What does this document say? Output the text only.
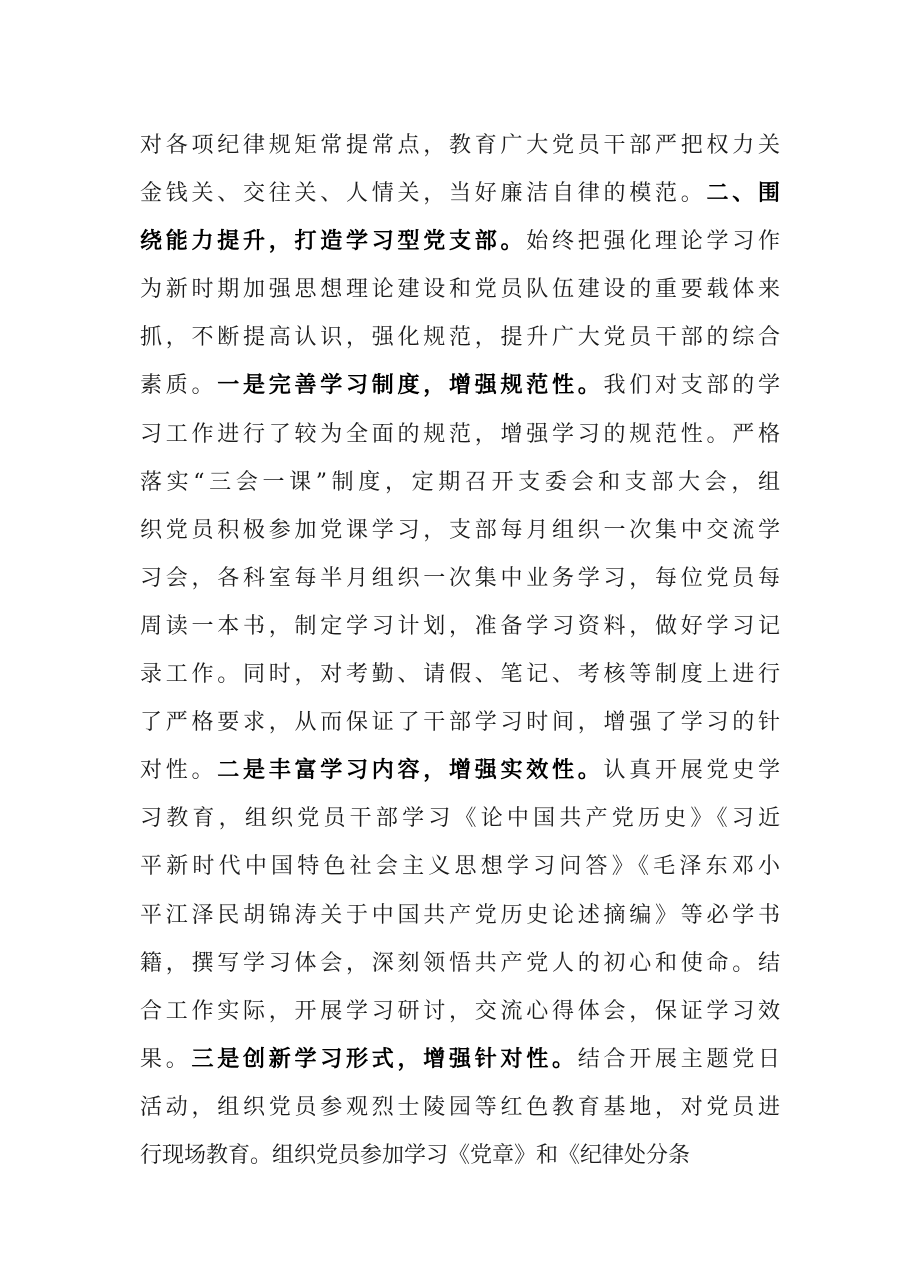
对各项纪律规矩常提常点，教育广大党员干部严把权力关
金钱关、交往关、人情关，当好廉洁自律的模范。二、围
绕能力提升，打造学习型党支部。始终把强化理论学习作
为新时期加强思想理论建设和党员队伍建设的重要载体来
抓，不断提高认识，强化规范，提升广大党员干部的综合
素质。一是完善学习制度，增强规范性。我们对支部的学
习工作进行了较为全面的规范，增强学习的规范性。严格
落实“三会一课”制度，定期召开支委会和支部大会，组
织党员积极参加党课学习，支部每月组织一次集中交流学
习会，各科室每半月组织一次集中业务学习，每位党员每
周读一本书，制定学习计划，准备学习资料，做好学习记
录工作。同时，对考勤、请假、笔记、考核等制度上进行
了严格要求，从而保证了干部学习时间，增强了学习的针
对性。二是丰富学习内容，增强实效性。认真开展党史学
习教育，组织党员干部学习《论中国共产党历史》《习近
平新时代中国特色社会主义思想学习问答》《毛泽东邓小
平江泽民胡锦涛关于中国共产党历史论述摘编》等必学书
籍，撰写学习体会，深刻领悟共产党人的初心和使命。结
合工作实际，开展学习研讨，交流心得体会，保证学习效
果。三是创新学习形式，增强针对性。结合开展主题党日
活动，组织党员参观烈士陵园等红色教育基地，对党员进
行现场教育。组织党员参加学习《党章》和《纪律处分条
